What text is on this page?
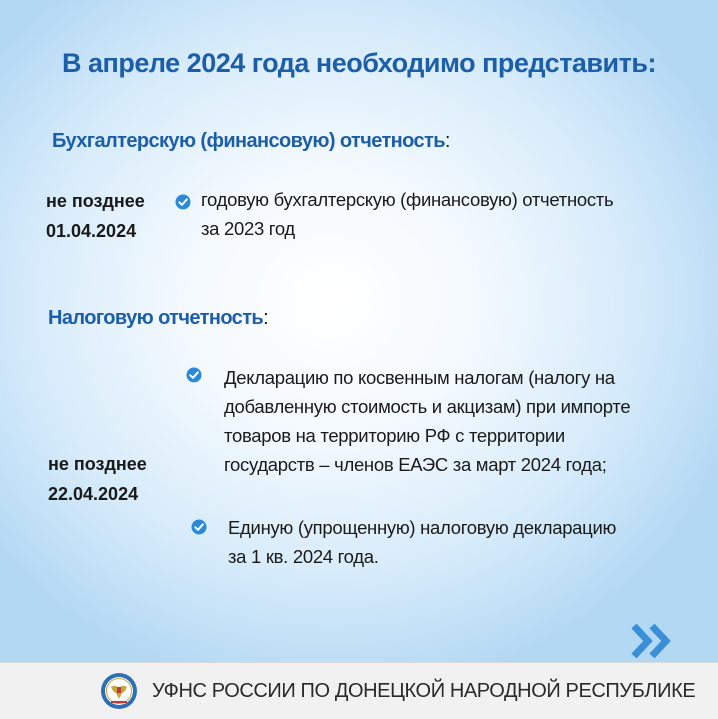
В апреле 2024 года необходимо представить:
Бухгалтерскую (финансовую) отчетность:
не позднее
01.04.2024
годовую бухгалтерскую (финансовую) отчетность
за 2023 год
Налоговую отчетность:
Декларацию по косвенным налогам (налогу на
добавленную стоимость и акцизам) при импорте
товаров на территорию РФ с территории
государств – членов ЕАЭС за март 2024 года;
не позднее
22.04.2024
Единую (упрощенную) налоговую декларацию
за 1 кв. 2024 года.
УФНС РОССИИ ПО ДОНЕЦКОЙ НАРОДНОЙ РЕСПУБЛИКЕ
